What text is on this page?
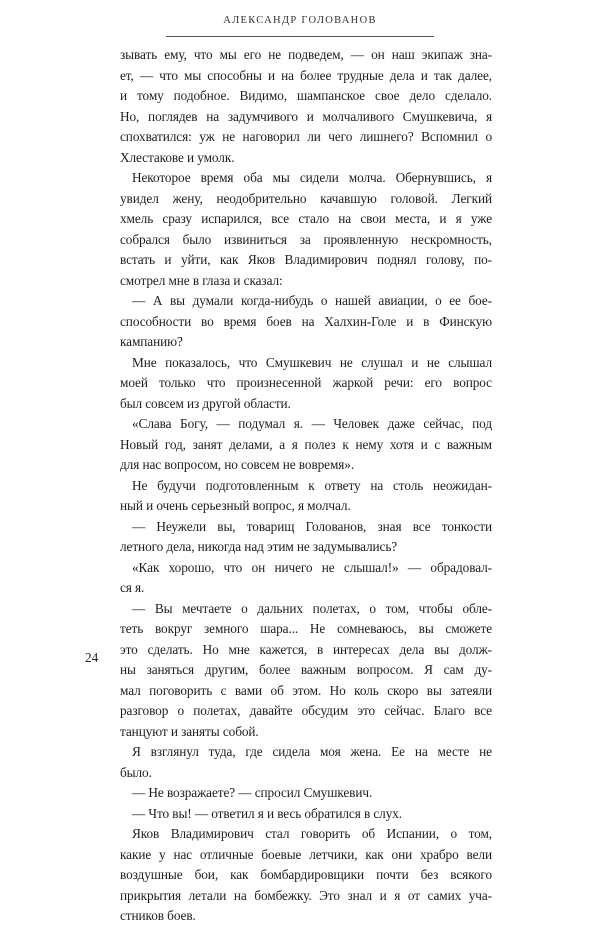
АЛЕКСАНДР ГОЛОВАНОВ
зывать ему, что мы его не подведем, — он наш экипаж зна-
ет, — что мы способны и на более трудные дела и так далее,
и тому подобное. Видимо, шампанское свое дело сделало.
Но, поглядев на задумчивого и молчаливого Смушкевича, я
спохватился: уж не наговорил ли чего лишнего? Вспомнил о
Хлестакове и умолк.
Некоторое время оба мы сидели молча. Обернувшись, я
увидел жену, неодобрительно качавшую головой. Легкий
хмель сразу испарился, все стало на свои места, и я уже
собрался было извиниться за проявленную нескромность,
встать и уйти, как Яков Владимирович поднял голову, по-
смотрел мне в глаза и сказал:
— А вы думали когда-нибудь о нашей авиации, о ее бое-
способности во время боев на Халхин-Голе и в Финскую
кампанию?
Мне показалось, что Смушкевич не слушал и не слышал
моей только что произнесенной жаркой речи: его вопрос
был совсем из другой области.
«Слава Богу, — подумал я. — Человек даже сейчас, под
Новый год, занят делами, а я полез к нему хотя и с важным
для нас вопросом, но совсем не вовремя».
Не будучи подготовленным к ответу на столь неожидан-
ный и очень серьезный вопрос, я молчал.
— Неужели вы, товарищ Голованов, зная все тонкости
летного дела, никогда над этим не задумывались?
«Как хорошо, что он ничего не слышал!» — обрадовал-
ся я.
— Вы мечтаете о дальних полетах, о том, чтобы обле-
теть вокруг земного шара... Не сомневаюсь, вы сможете
это сделать. Но мне кажется, в интересах дела вы долж-
ны заняться другим, более важным вопросом. Я сам ду-
мал поговорить с вами об этом. Но коль скоро вы затеяли
разговор о полетах, давайте обсудим это сейчас. Благо все
танцуют и заняты собой.
Я взглянул туда, где сидела моя жена. Ее на месте не
было.
— Не возражаете? — спросил Смушкевич.
— Что вы! — ответил я и весь обратился в слух.
Яков Владимирович стал говорить об Испании, о том,
какие у нас отличные боевые летчики, как они храбро вели
воздушные бои, как бомбардировщики почти без всякого
прикрытия летали на бомбежку. Это знал и я от самих уча-
стников боев.
24
